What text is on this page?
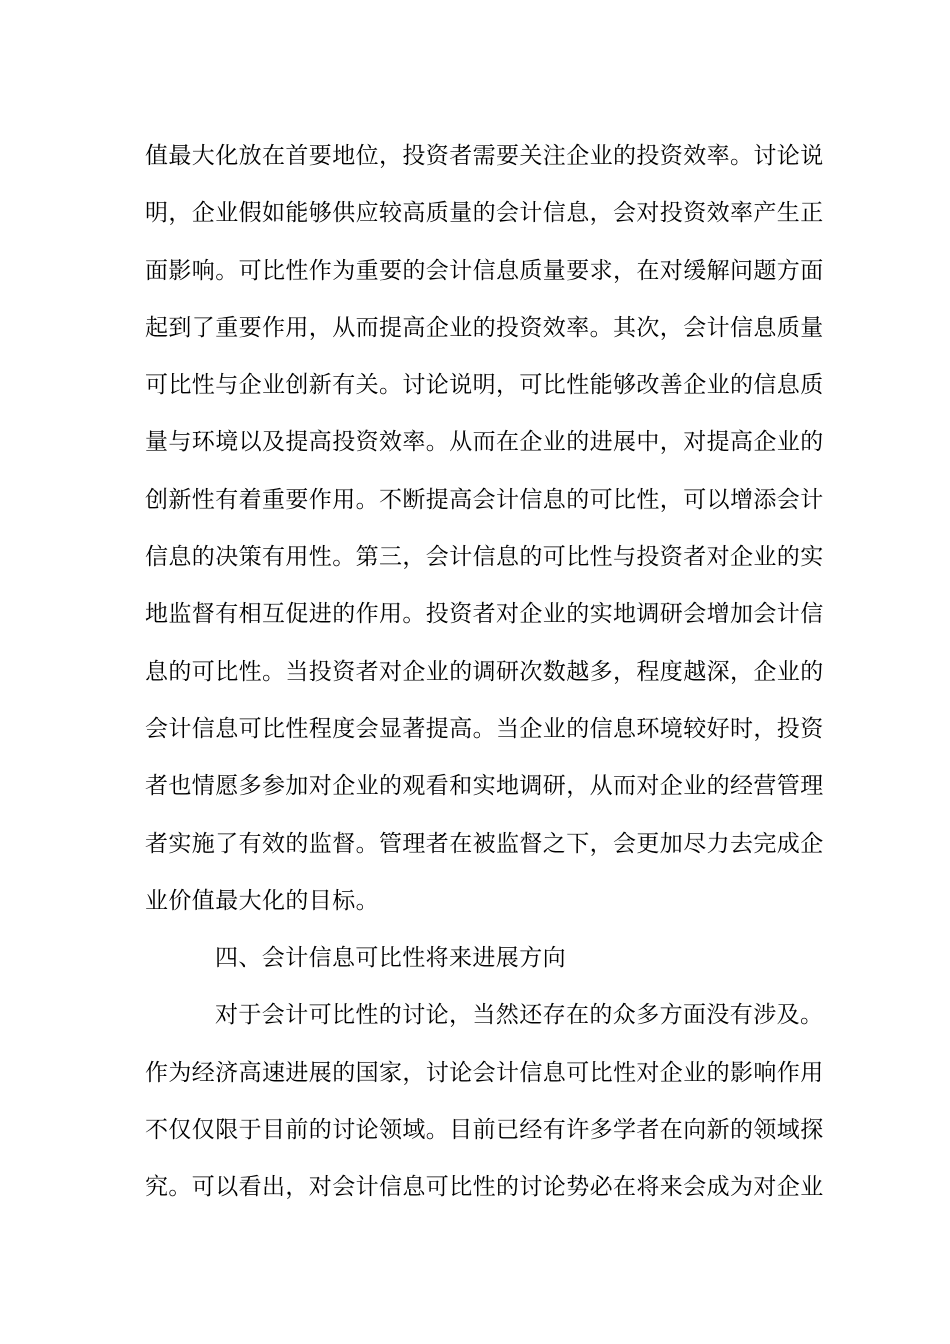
值最大化放在首要地位，投资者需要关注企业的投资效率。讨论说
明，企业假如能够供应较高质量的会计信息，会对投资效率产生正
面影响。可比性作为重要的会计信息质量要求，在对缓解问题方面
起到了重要作用，从而提高企业的投资效率。其次，会计信息质量
可比性与企业创新有关。讨论说明，可比性能够改善企业的信息质
量与环境以及提高投资效率。从而在企业的进展中，对提高企业的
创新性有着重要作用。不断提高会计信息的可比性，可以增添会计
信息的决策有用性。第三，会计信息的可比性与投资者对企业的实
地监督有相互促进的作用。投资者对企业的实地调研会增加会计信
息的可比性。当投资者对企业的调研次数越多，程度越深，企业的
会计信息可比性程度会显著提高。当企业的信息环境较好时，投资
者也情愿多参加对企业的观看和实地调研，从而对企业的经营管理
者实施了有效的监督。管理者在被监督之下，会更加尽力去完成企
业价值最大化的目标。
四、会计信息可比性将来进展方向
对于会计可比性的讨论，当然还存在的众多方面没有涉及。
作为经济高速进展的国家，讨论会计信息可比性对企业的影响作用
不仅仅限于目前的讨论领域。目前已经有许多学者在向新的领域探
究。可以看出，对会计信息可比性的讨论势必在将来会成为对企业
